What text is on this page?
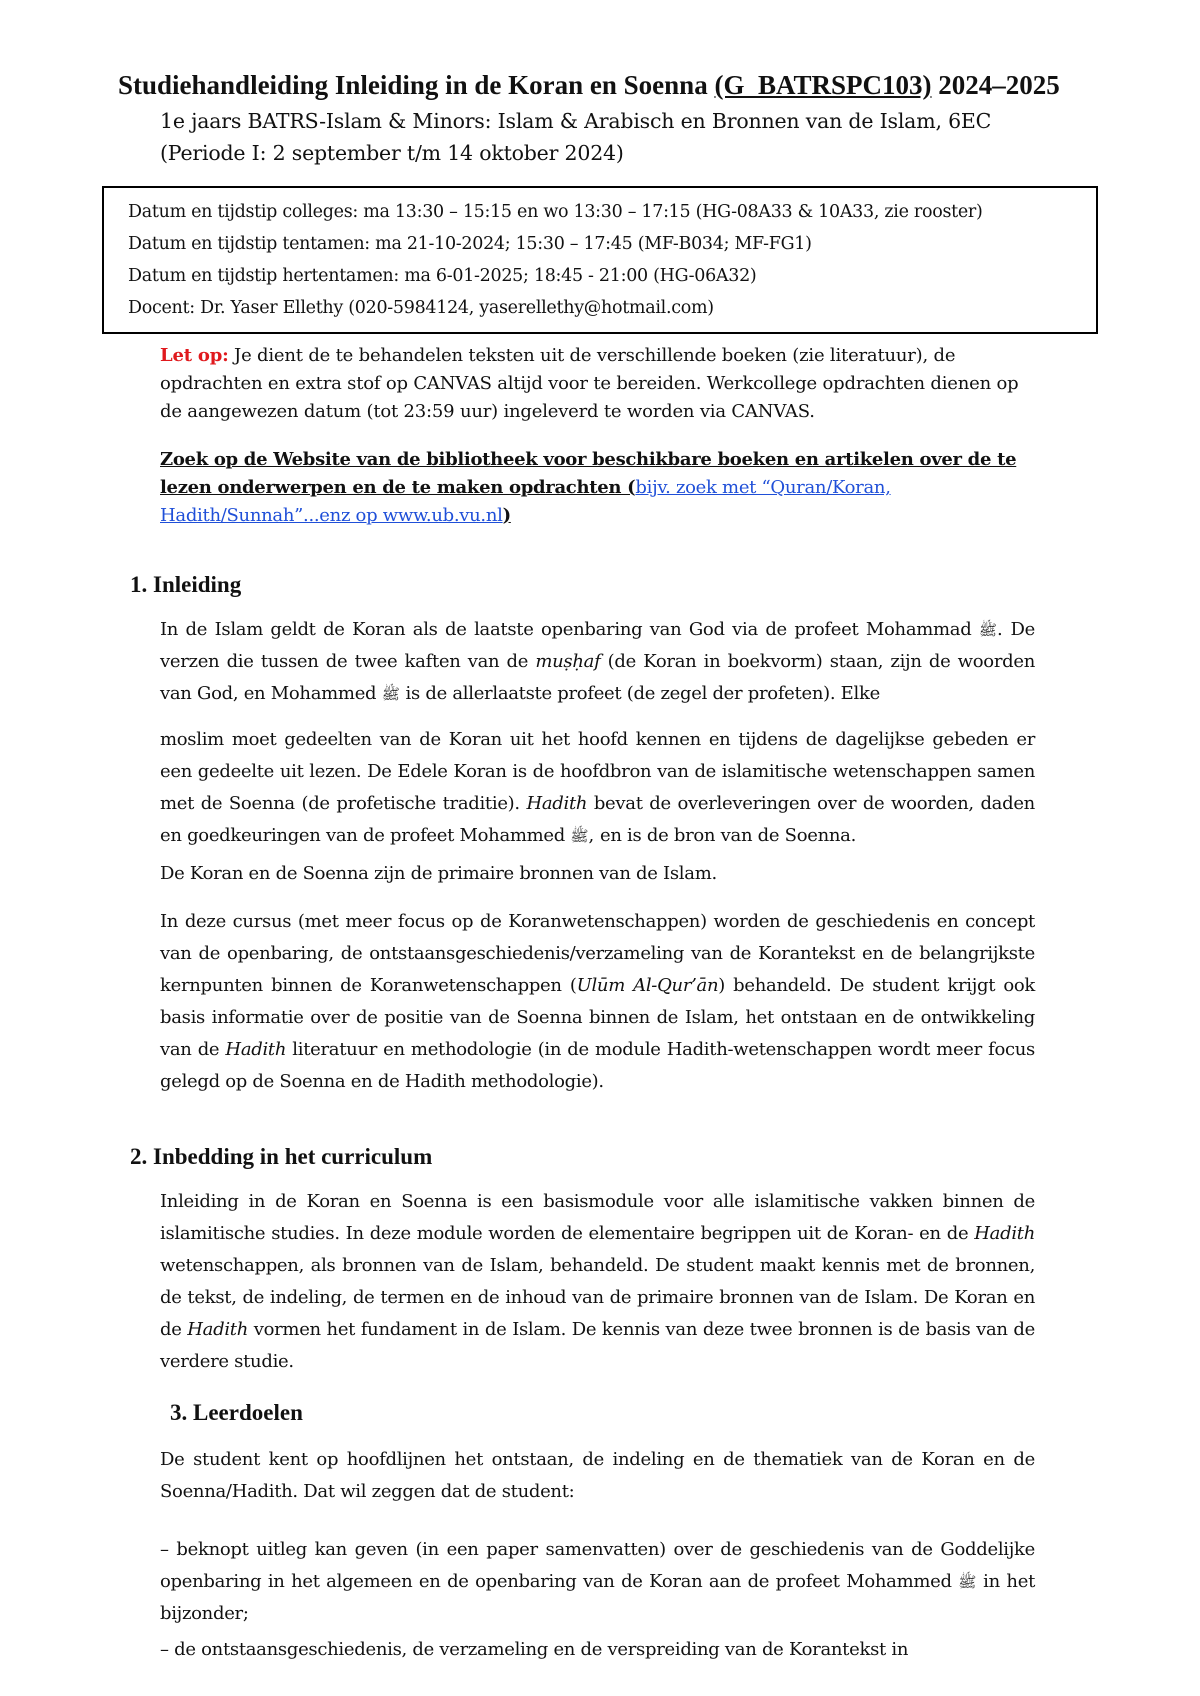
Studiehandleiding Inleiding in de Koran en Soenna (G_BATRSPC103) 2024–2025
1e jaars BATRS-Islam & Minors: Islam & Arabisch en Bronnen van de Islam, 6EC
(Periode I: 2 september t/m 14 oktober 2024)

Datum en tijdstip colleges: ma 13:30 – 15:15 en wo 13:30 – 17:15 (HG-08A33 & 10A33, zie rooster)

Datum en tijdstip tentamen: ma 21-10-2024; 15:30 – 17:45 (MF-B034; MF-FG1)

Datum en tijdstip hertentamen: ma 6-01-2025; 18:45 - 21:00 (HG-06A32)

Docent: Dr. Yaser Ellethy (020-5984124, yaserellethy@hotmail.com)

Let op: Je dient de te behandelen teksten uit de verschillende boeken (zie literatuur), de opdrachten en extra stof op CANVAS altijd voor te bereiden. Werkcollege opdrachten dienen op de aangewezen datum (tot 23:59 uur) ingeleverd te worden via CANVAS.

Zoek op de Website van de bibliotheek voor beschikbare boeken en artikelen over de te lezen onderwerpen en de te maken opdrachten (bijv. zoek met “Quran/Koran, Hadith/Sunnah”...enz op www.ub.vu.nl)

1. Inleiding

In de Islam geldt de Koran als de laatste openbaring van God via de profeet Mohammad ﷺ. De verzen die tussen de twee kaften van de muṣḥaf (de Koran in boekvorm) staan, zijn de woorden van God, en Mohammed ﷺ is de allerlaatste profeet (de zegel der profeten). Elke

moslim moet gedeelten van de Koran uit het hoofd kennen en tijdens de dagelijkse gebeden er een gedeelte uit lezen. De Edele Koran is de hoofdbron van de islamitische wetenschappen samen met de Soenna (de profetische traditie). Hadith bevat de overleveringen over de woorden, daden en goedkeuringen van de profeet Mohammed ﷺ, en is de bron van de Soenna.

De Koran en de Soenna zijn de primaire bronnen van de Islam.

In deze cursus (met meer focus op de Koranwetenschappen) worden de geschiedenis en concept van de openbaring, de ontstaansgeschiedenis/verzameling van de Korantekst en de belangrijkste kernpunten binnen de Koranwetenschappen (Ulūm Al-Qur’ān) behandeld. De student krijgt ook basis informatie over de positie van de Soenna binnen de Islam, het ontstaan en de ontwikkeling van de Hadith literatuur en methodologie (in de module Hadith-wetenschappen wordt meer focus gelegd op de Soenna en de Hadith methodologie).

2. Inbedding in het curriculum

Inleiding in de Koran en Soenna is een basismodule voor alle islamitische vakken binnen de islamitische studies. In deze module worden de elementaire begrippen uit de Koran- en de Hadith wetenschappen, als bronnen van de Islam, behandeld. De student maakt kennis met de bronnen, de tekst, de indeling, de termen en de inhoud van de primaire bronnen van de Islam. De Koran en de Hadith vormen het fundament in de Islam. De kennis van deze twee bronnen is de basis van de verdere studie.

3. Leerdoelen

De student kent op hoofdlijnen het ontstaan, de indeling en de thematiek van de Koran en de Soenna/Hadith. Dat wil zeggen dat de student:

– beknopt uitleg kan geven (in een paper samenvatten) over de geschiedenis van de Goddelijke openbaring in het algemeen en de openbaring van de Koran aan de profeet Mohammed ﷺ in het bijzonder;

– de ontstaansgeschiedenis, de verzameling en de verspreiding van de Korantekst in
